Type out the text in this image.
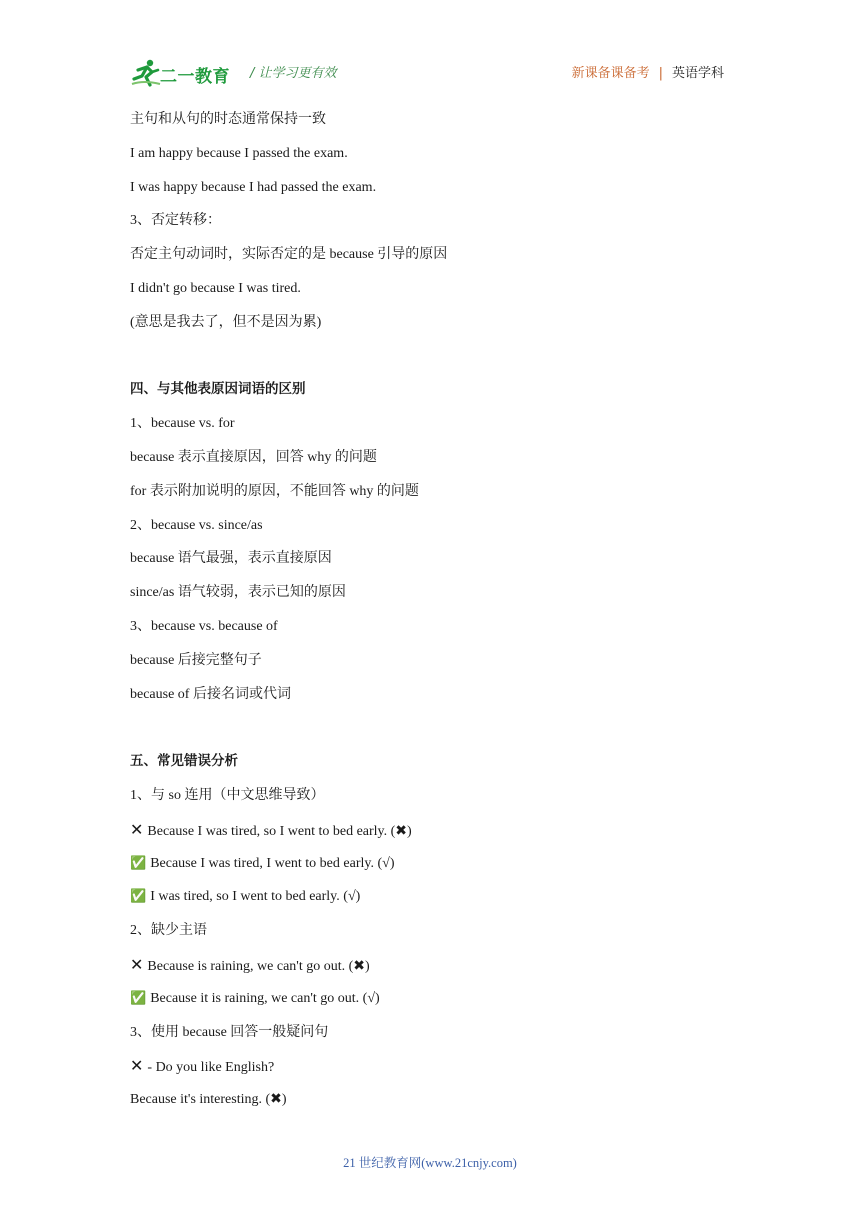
二一教育 / 让学习更有效	新课备课备考 | 英语学科
主句和从句的时态通常保持一致
I am happy because I passed the exam.
I was happy because I had passed the exam.
3、否定转移：
否定主句动词时，实际否定的是 because 引导的原因
I didn't go because I was tired.
(意思是我去了，但不是因为累)
四、与其他表原因词语的区别
1、because vs. for
because 表示直接原因，回答 why 的问题
for 表示附加说明的原因，不能回答 why 的问题
2、because vs. since/as
because 语气最强，表示直接原因
since/as 语气较弱，表示已知的原因
3、because vs. because of
because 后接完整句子
because of 后接名词或代词
五、常见错误分析
1、与 so 连用（中文思维导致）
✕ Because I was tired, so I went to bed early. (✖)
✅ Because I was tired, I went to bed early. (√)
✅ I was tired, so I went to bed early. (√)
2、缺少主语
✕ Because is raining, we can't go out. (✖)
✅ Because it is raining, we can't go out. (√)
3、使用 because 回答一般疑问句
✕ - Do you like English?
Because it's interesting. (✖)
21 世纪教育网(www.21cnjy.com)
